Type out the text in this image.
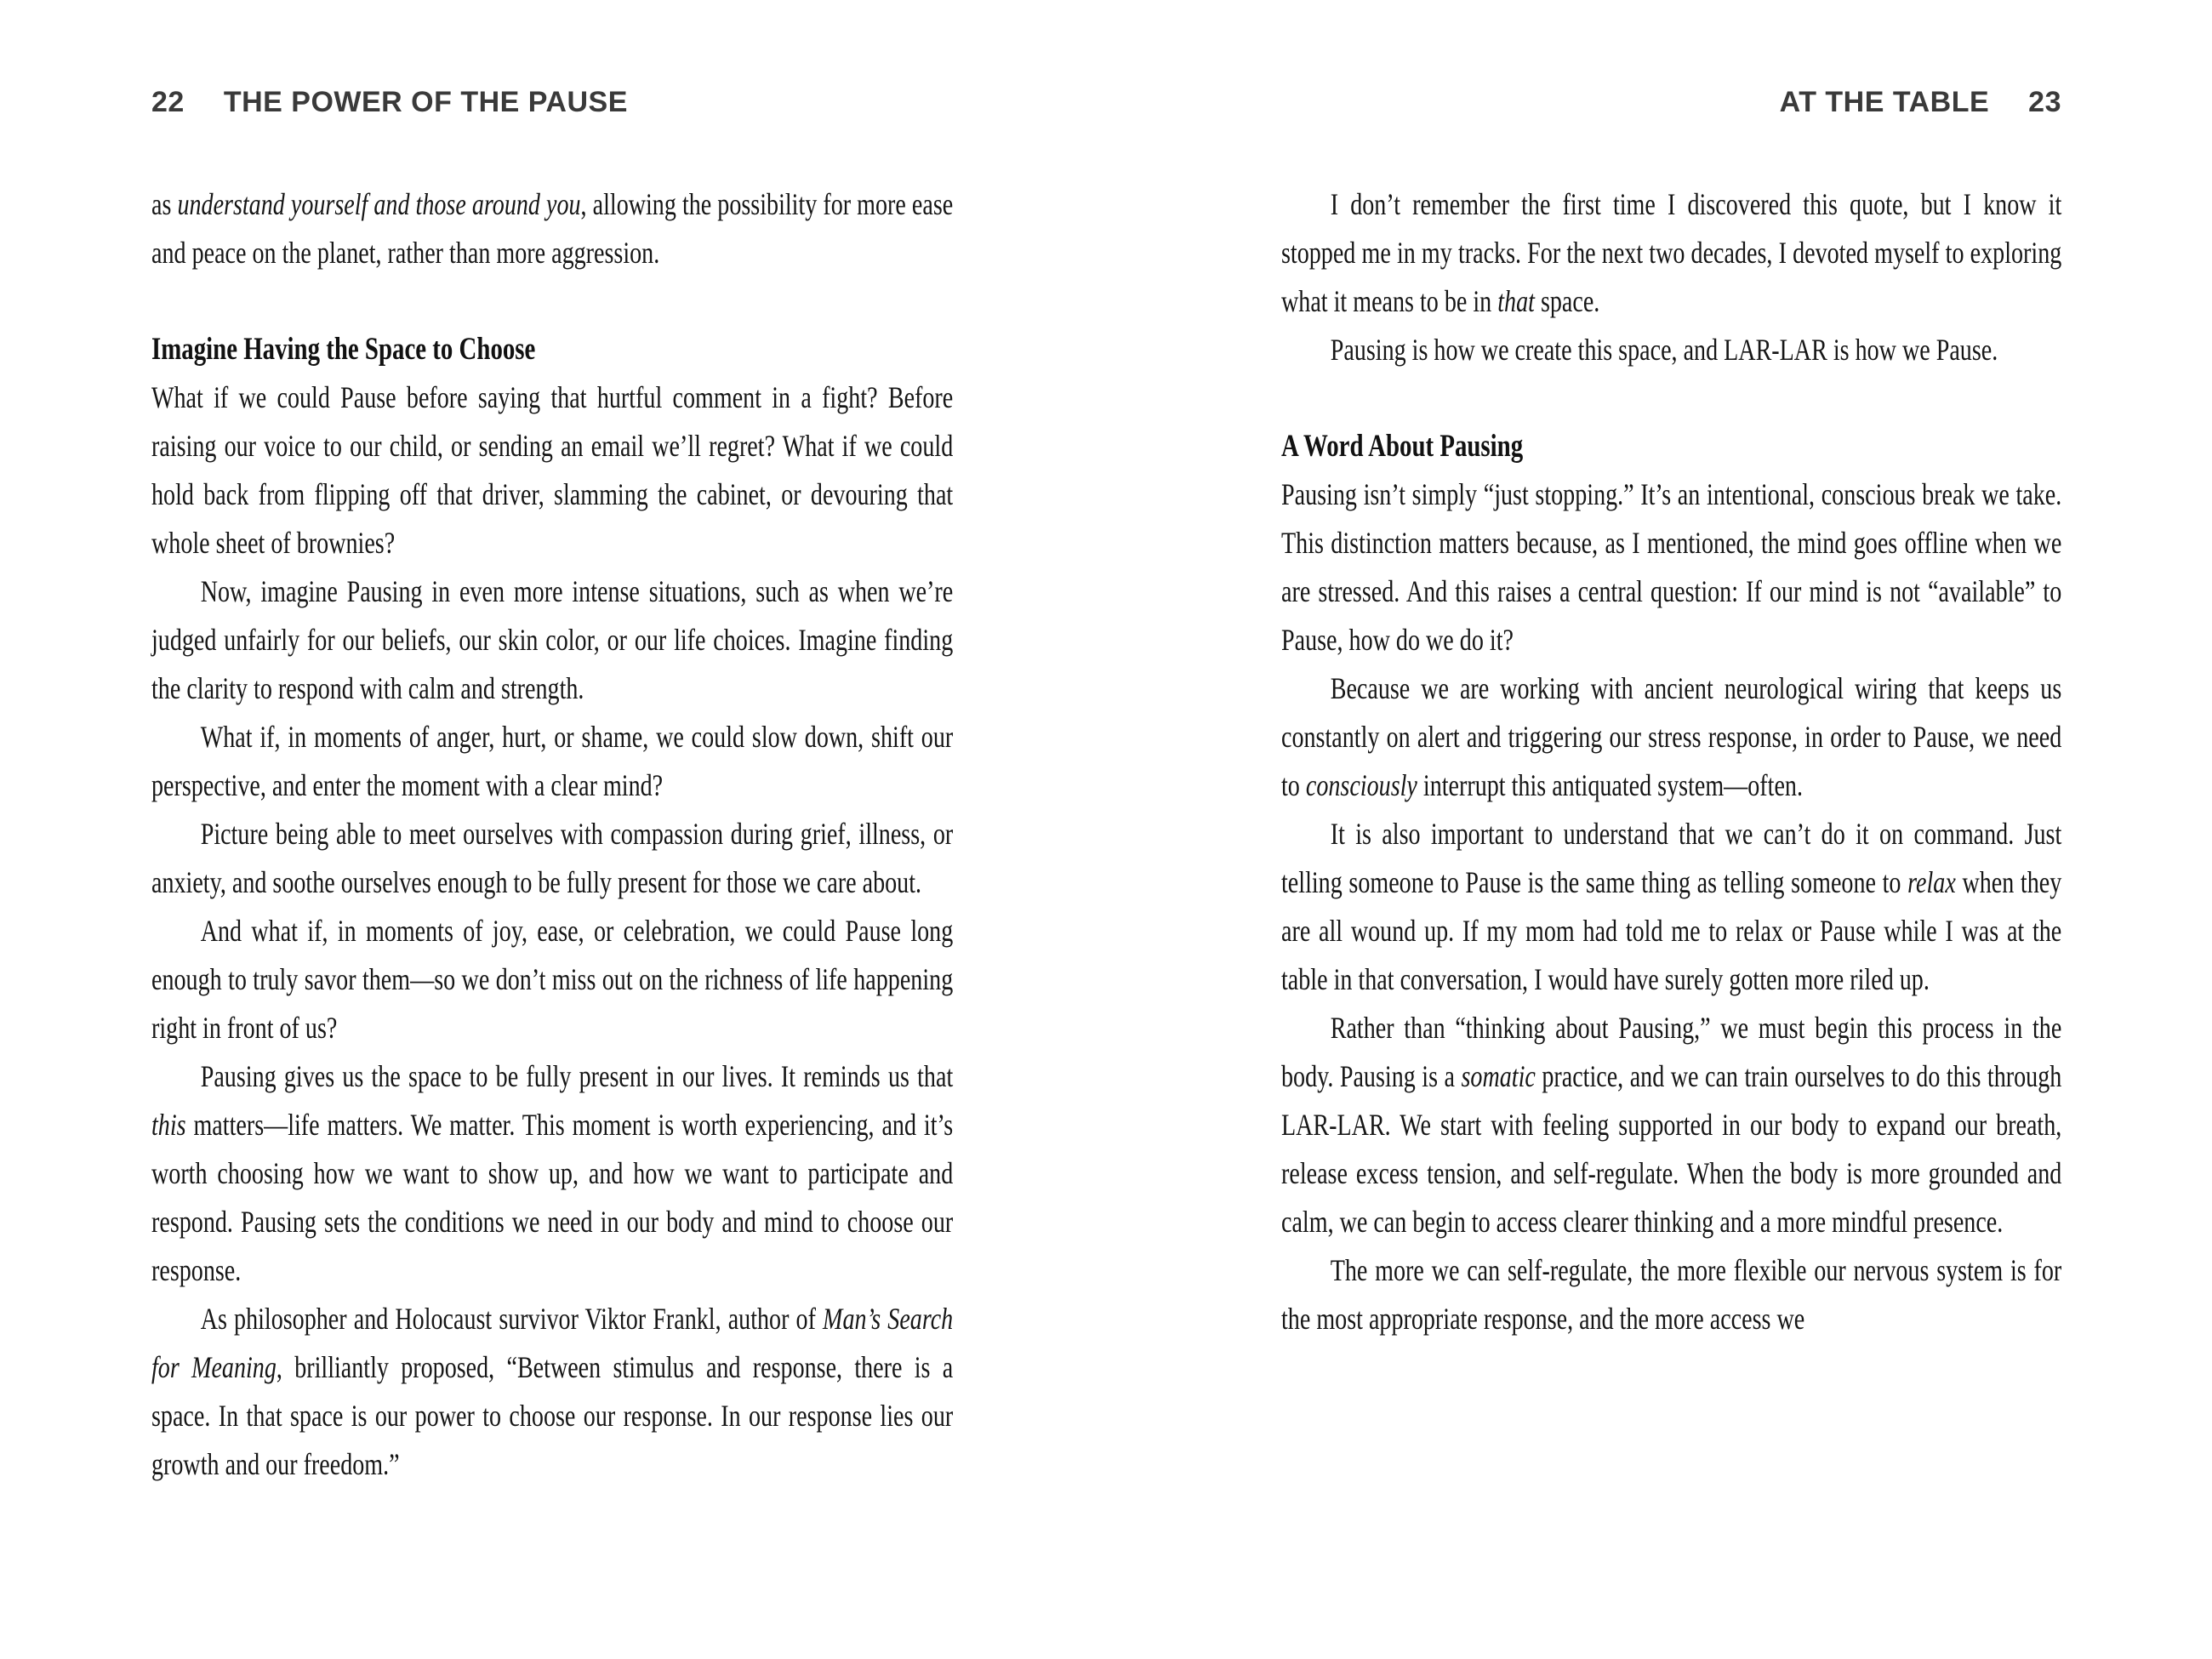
22 THE POWER OF THE PAUSE

as understand yourself and those around you, allowing the possibility for more ease and peace on the planet, rather than more aggression.

Imagine Having the Space to Choose

What if we could Pause before saying that hurtful comment in a fight? Before raising our voice to our child, or sending an email we’ll regret? What if we could hold back from flipping off that driver, slamming the cabinet, or devouring that whole sheet of brownies?

Now, imagine Pausing in even more intense situations, such as when we’re judged unfairly for our beliefs, our skin color, or our life choices. Imagine finding the clarity to respond with calm and strength.

What if, in moments of anger, hurt, or shame, we could slow down, shift our perspective, and enter the moment with a clear mind?

Picture being able to meet ourselves with compassion during grief, illness, or anxiety, and soothe ourselves enough to be fully present for those we care about.

And what if, in moments of joy, ease, or celebration, we could Pause long enough to truly savor them—so we don’t miss out on the richness of life happening right in front of us?

Pausing gives us the space to be fully present in our lives. It reminds us that this matters—life matters. We matter. This moment is worth experiencing, and it’s worth choosing how we want to show up, and how we want to participate and respond. Pausing sets the conditions we need in our body and mind to choose our response.

As philosopher and Holocaust survivor Viktor Frankl, author of Man’s Search for Meaning, brilliantly proposed, “Between stimulus and response, there is a space. In that space is our power to choose our response. In our response lies our growth and our freedom.”

AT THE TABLE 23

I don’t remember the first time I discovered this quote, but I know it stopped me in my tracks. For the next two decades, I devoted myself to exploring what it means to be in that space.

Pausing is how we create this space, and LAR-LAR is how we Pause.

A Word About Pausing

Pausing isn’t simply “just stopping.” It’s an intentional, conscious break we take. This distinction matters because, as I mentioned, the mind goes offline when we are stressed. And this raises a central question: If our mind is not “available” to Pause, how do we do it?

Because we are working with ancient neurological wiring that keeps us constantly on alert and triggering our stress response, in order to Pause, we need to consciously interrupt this antiquated system—often.

It is also important to understand that we can’t do it on command. Just telling someone to Pause is the same thing as telling someone to relax when they are all wound up. If my mom had told me to relax or Pause while I was at the table in that conversation, I would have surely gotten more riled up.

Rather than “thinking about Pausing,” we must begin this process in the body. Pausing is a somatic practice, and we can train ourselves to do this through LAR-LAR. We start with feeling supported in our body to expand our breath, release excess tension, and self-regulate. When the body is more grounded and calm, we can begin to access clearer thinking and a more mindful presence.

The more we can self-regulate, the more flexible our nervous system is for the most appropriate response, and the more access we
